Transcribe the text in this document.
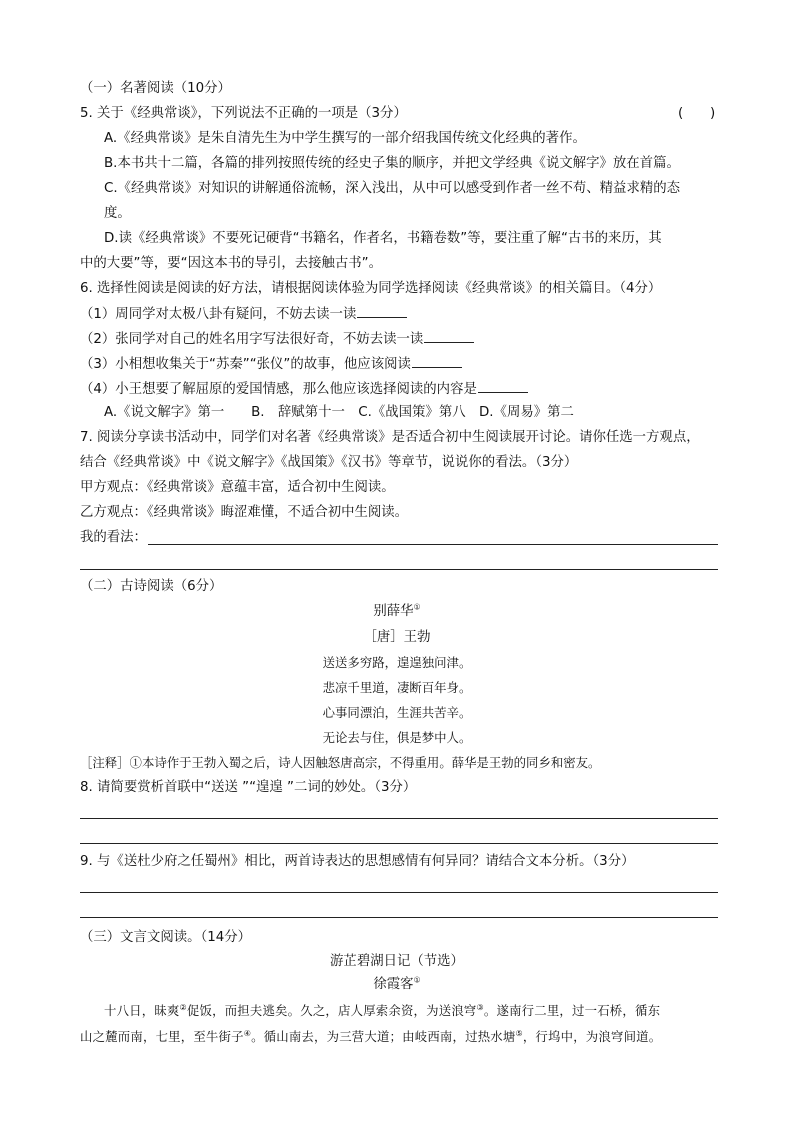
（一）名著阅读（10分）
5. 关于《经典常谈》，下列说法不正确的一项是（3分）	(　　)
A.《经典常谈》是朱自清先生为中学生撰写的一部介绍我国传统文化经典的著作。
B.本书共十二篇，各篇的排列按照传统的经史子集的顺序，并把文学经典《说文解字》放在首篇。
C.《经典常谈》对知识的讲解通俗流畅，深入浅出，从中可以感受到作者一丝不苟、精益求精的态
度。
D.读《经典常谈》不要死记硬背“书籍名，作者名，书籍卷数”等，要注重了解“古书的来历，其
中的大要”等，要“因这本书的导引，去接触古书”。
6. 选择性阅读是阅读的好方法，请根据阅读体验为同学选择阅读《经典常谈》的相关篇目。（4分）
（1）周同学对太极八卦有疑问，不妨去读一读
（2）张同学对自己的姓名用字写法很好奇，不妨去读一读
（3）小相想收集关于“苏秦”“张仪”的故事，他应该阅读
（4）小王想要了解屈原的爱国情感，那么他应该选择阅读的内容是
A.《说文解字》第一　　B.　辞赋第十一　C.《战国策》第八　D.《周易》第二
7. 阅读分享读书活动中，同学们对名著《经典常谈》是否适合初中生阅读展开讨论。请你任选一方观点，
结合《经典常谈》中《说文解字》《战国策》《汉书》等章节，说说你的看法。（3分）
甲方观点：《经典常谈》意蕴丰富，适合初中生阅读。
乙方观点：《经典常谈》晦涩难懂，不适合初中生阅读。
我的看法：
（二）古诗阅读（6分）
别薛华①
［唐］王勃
送送多穷路，遑遑独问津。
悲凉千里道，凄断百年身。
心事同漂泊，生涯共苦辛。
无论去与住，俱是梦中人。
［注释］①本诗作于王勃入蜀之后，诗人因触怒唐高宗，不得重用。薛华是王勃的同乡和密友。
8. 请简要赏析首联中“送送 ”“遑遑 ”二词的妙处。（3分）
9. 与《送杜少府之任蜀州》相比，两首诗表达的思想感情有何异同？请结合文本分析。（3分）
（三）文言文阅读。（14分）
游芷碧湖日记（节选）
徐霞客①
十八日，昧爽②促饭，而担夫逃矣。久之，店人厚索余资，为送浪穹③。遂南行二里，过一石桥，循东
山之麓而南，七里，至牛街子④。循山南去，为三营大道；由岐西南，过热水塘⑤，行坞中，为浪穹间道。
